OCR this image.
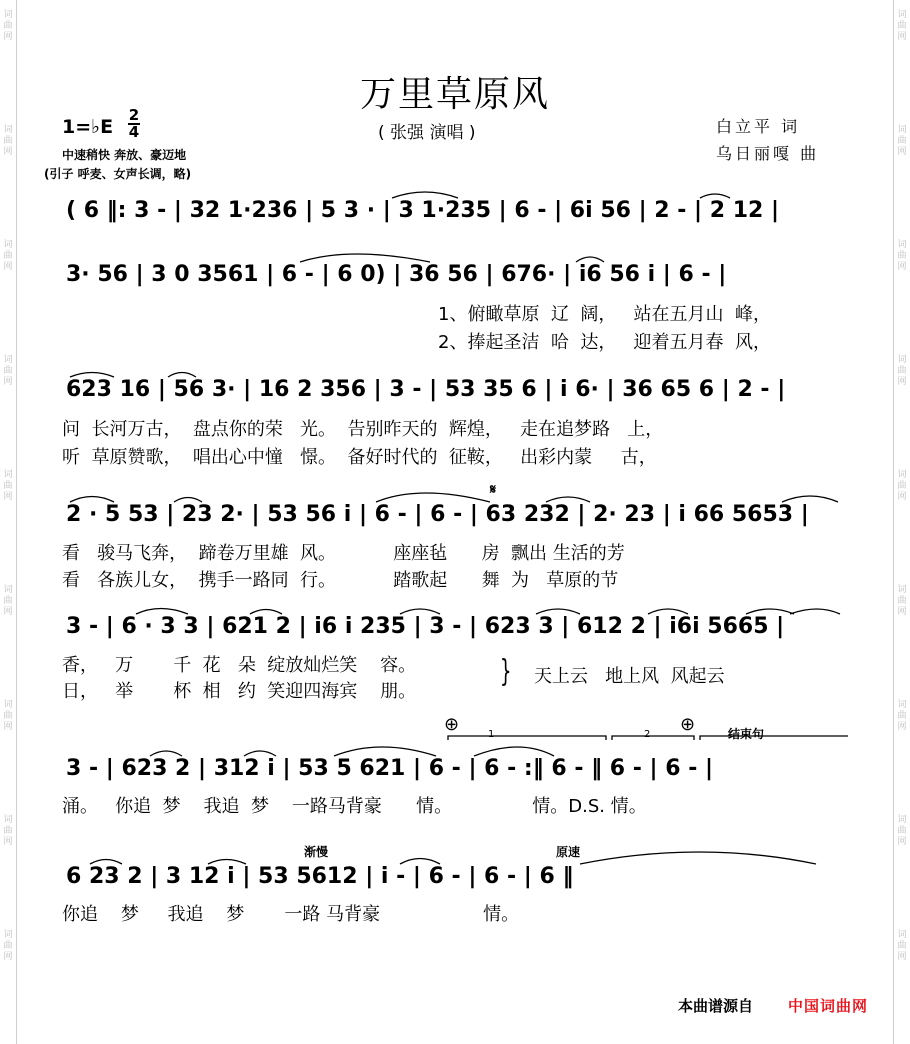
词
曲
网
词
曲
网
词
曲
网
词
曲
网
词
曲
网
词
曲
网
词
曲
网
词
曲
网
词
曲
网
词
曲
网
词
曲
网
词
曲
网
词
曲
网
词
曲
网
词
曲
网
词
曲
网
词
曲
网
词
曲
网
万里草原风
( 张强 演唱 )
1=♭E
2
4
中速稍快 奔放、豪迈地
(引子 呼麦、女声长调，略)
白立平 词
乌日丽嘎 曲
( 6 ‖: 3 - | 32 1·236 | 5 3 · | 3 1·235 | 6 - | 6i 56 | 2 - | 2 12 |
3· 56 | 3 0 3561 | 6 - | 6 0) | 36 56 | 676· | i6 56 i | 6 - |
1、俯瞰草原  辽  阔，   站在五月山  峰，
2、捧起圣洁  哈  达，   迎着五月春  风，
623 16 | 56 3· | 16 2 356 | 3 - | 53 35 6 | i 6· | 36 65 6 | 2 - |
问  长河万古，  盘点你的荣   光。  告别昨天的  辉煌，   走在追梦路   上，
听  草原赞歌，  唱出心中憧   憬。  备好时代的  征鞍，   出彩内蒙     古，
𝄋
2 · 5 53 | 23 2· | 53 56 i | 6 - | 6 - | 63 232 | 2· 23 | i 66 5653 |
看   骏马飞奔，  蹄卷万里雄  风。          座座毡      房  飘出 生活的芳
看   各族儿女，  携手一路同  行。          踏歌起      舞  为   草原的节
3 - | 6 · 3 3 | 621 2 | i6 i 235 | 3 - | 623 3 | 612 2 | i6i 5665 |
香，   万       千  花   朵  绽放灿烂笑    容。
日，   举       杯  相   约  笑迎四海宾    朋。
} 天上云   地上风  风起云
⊕	⊕
1	2	结束句
3 - | 623 2 | 312 i | 53 5 621 | 6 - | 6 - :‖ 6 - ‖ 6 - | 6 - |
涌。   你追  梦    我追  梦    一路马背豪      情。              情。D.S. 情。
渐慢	原速
6 23 2 | 3 12 i | 53 5612 | i - | 6 - | 6 - | 6 ‖
你追    梦     我追    梦       一路 马背豪                  情。
本曲谱源自 中国词曲网
